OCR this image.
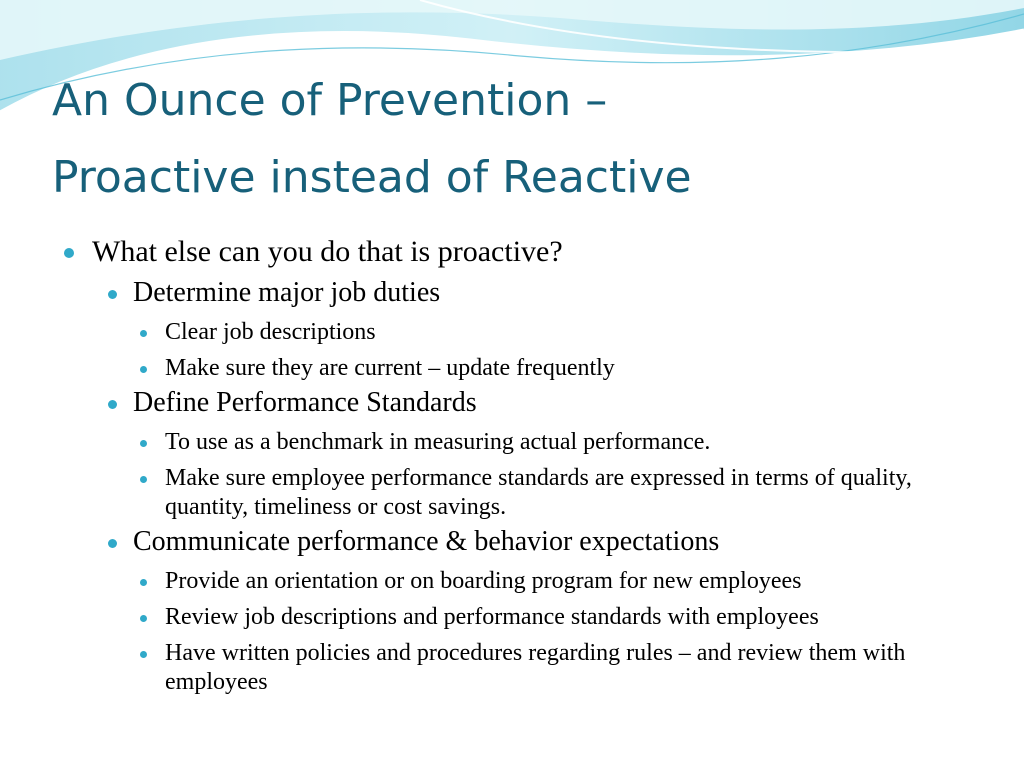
An Ounce of Prevention –
Proactive instead of Reactive
What else can you do that is proactive?
Determine major job duties
Clear job descriptions
Make sure they are current – update frequently
Define Performance Standards
To use as a benchmark in measuring actual performance.
Make sure employee performance standards are expressed in terms of quality, quantity, timeliness or cost savings.
Communicate performance & behavior expectations
Provide an orientation or on boarding program for new employees
Review job descriptions and performance standards with employees
Have written policies and procedures regarding rules – and review them with employees
